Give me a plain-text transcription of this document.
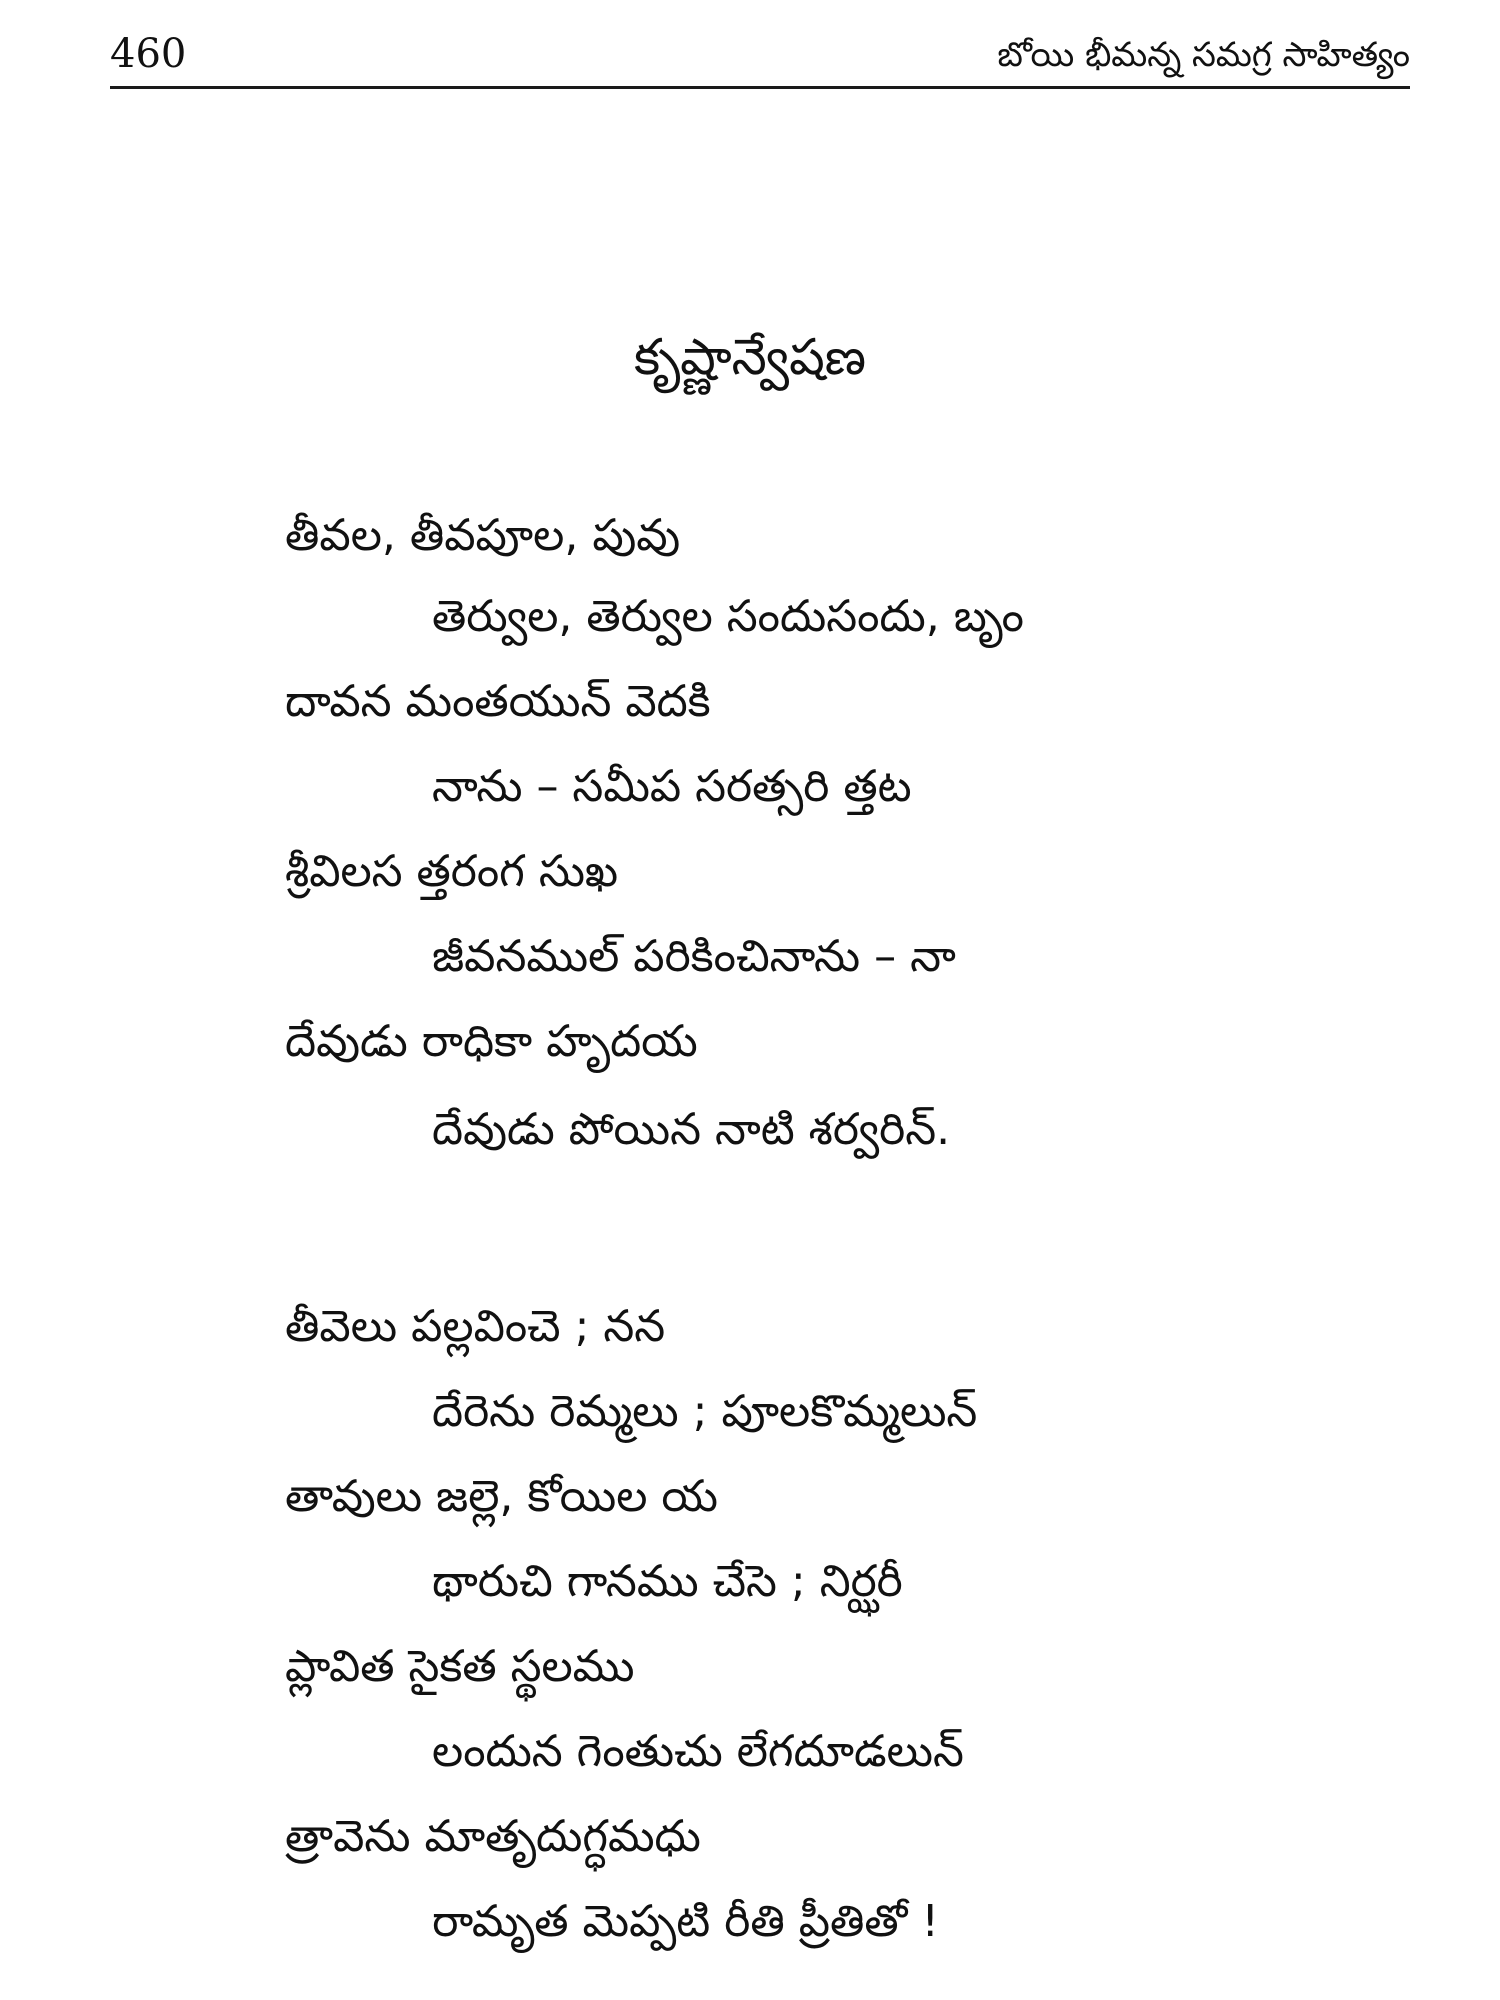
460	బోయి భీమన్న సమగ్ర సాహిత్యం
కృష్ణాన్వేషణ
తీవల, తీవపూల, పువు
తెర్వుల, తెర్వుల సందుసందు, బృం
దావన మంతయున్ వెదకి
నాను – సమీప సరత్సరి త్తట
శ్రీవిలస త్తరంగ సుఖ
జీవనముల్ పరికించినాను – నా
దేవుడు రాధికా హృదయ
దేవుడు పోయిన నాటి శర్వరిన్.
తీవెలు పల్లవించె ; నన
దేరెను రెమ్మలు ; పూలకొమ్మలున్
తావులు జల్లె, కోయిల య
థారుచి గానము చేసె ; నిర్ఝరీ
ప్లావిత సైకత స్థలము
లందున గెంతుచు లేగదూడలున్
త్రావెను మాతృదుగ్ధమధు
రామృత మెప్పటి రీతి ప్రీతితో !
